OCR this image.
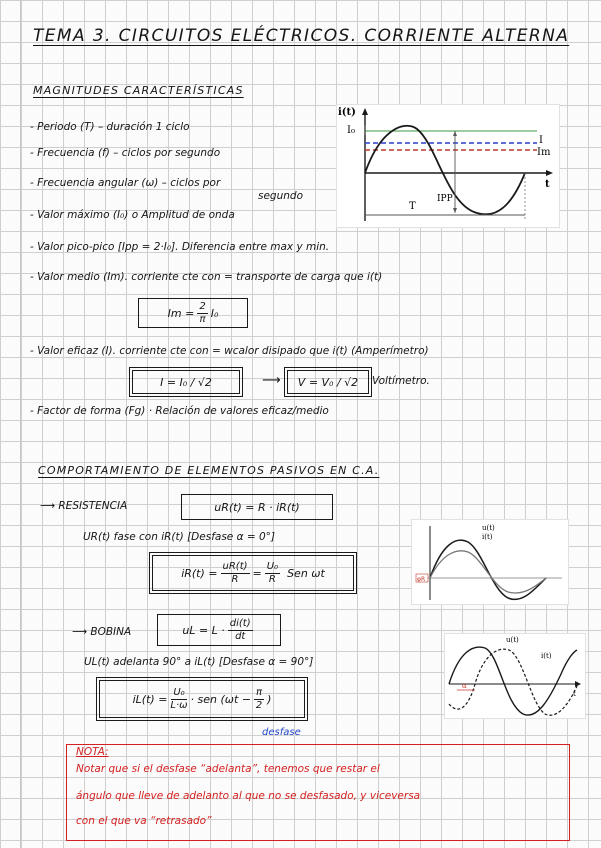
TEMA 3. CIRCUITOS ELÉCTRICOS. CORRIENTE ALTERNA
MAGNITUDES CARACTERÍSTICAS
- Periodo (T) – duración 1 ciclo
- Frecuencia (f) – ciclos por segundo
- Frecuencia angular (ω) – ciclos por
segundo
- Valor máximo (I₀) o Amplitud de onda
- Valor pico-pico [Ipp = 2·I₀]. Diferencia entre max y min.
- Valor medio (Im). corriente cte con = transporte de carga que i(t)
$Im = \frac{2}{\pi} I_0$
- Valor eficaz (I). corriente cte con = wcalor disipado que i(t) (Amperímetro)
I = I₀ / √2	⟶	V = V₀ / √2	Voltímetro.
- Factor de forma (Fg) · Relación de valores eficaz/medio
i(t)
I₀
I
Im
t
IPP
T
COMPORTAMIENTO DE ELEMENTOS PASIVOS EN C.A.
⟶ RESISTENCIA	uR(t) = R · iR(t)
UR(t) fase con iR(t) [Desfase α = 0°]
$iR(t) = \frac{uR(t)}{R} = \frac{\text{U₀}}{R}$ Sen ωt
u(t)
i(t)
φR
⟶ BOBINA	uL = $L \cdot \frac{di(t)}{dt}$
UL(t) adelanta 90° a iL(t) [Desfase α = 90°]
$iL(t) = \frac{\text{U₀}}{L\cdot\omega}$ · sen ($\omega t - \frac{\pi}{2}$ )
desfase
u(t)
i(t)
t
α
NOTA:
Notar que si el desfase “adelanta”, tenemos que restar el
ángulo que lleve de adelanto al que no se desfasado, y viceversa
con el que va “retrasado”
